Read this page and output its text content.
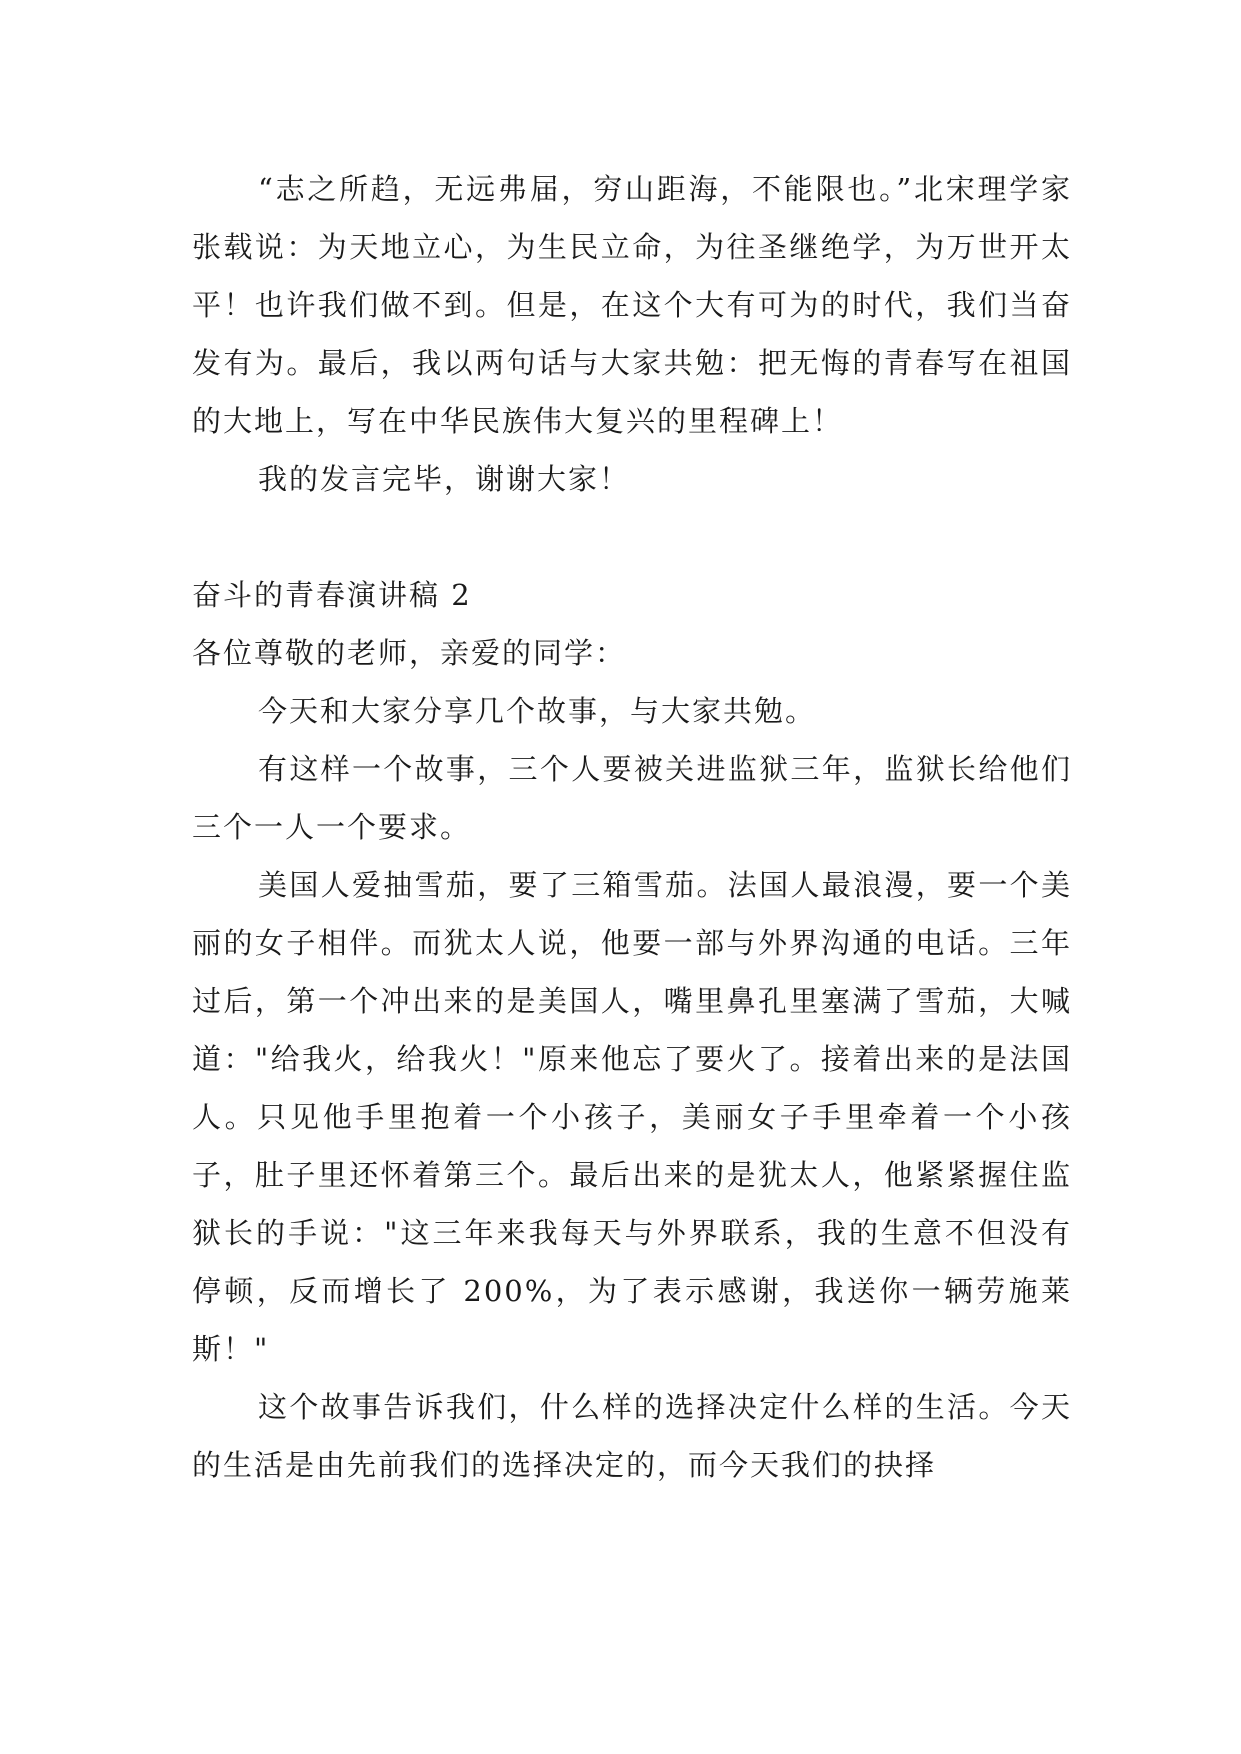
“志之所趋，无远弗届，穷山距海，不能限也。”北宋理学家张载说：为天地立心，为生民立命，为往圣继绝学，为万世开太平！也许我们做不到。但是，在这个大有可为的时代，我们当奋发有为。最后，我以两句话与大家共勉：把无悔的青春写在祖国的大地上，写在中华民族伟大复兴的里程碑上！

我的发言完毕，谢谢大家！

奋斗的青春演讲稿 2

各位尊敬的老师，亲爱的同学：

今天和大家分享几个故事，与大家共勉。

有这样一个故事，三个人要被关进监狱三年，监狱长给他们三个一人一个要求。

美国人爱抽雪茄，要了三箱雪茄。法国人最浪漫，要一个美丽的女子相伴。而犹太人说，他要一部与外界沟通的电话。三年过后，第一个冲出来的是美国人，嘴里鼻孔里塞满了雪茄，大喊道："给我火，给我火！"原来他忘了要火了。接着出来的是法国人。只见他手里抱着一个小孩子，美丽女子手里牵着一个小孩子，肚子里还怀着第三个。最后出来的是犹太人，他紧紧握住监狱长的手说："这三年来我每天与外界联系，我的生意不但没有停顿，反而增长了 200%，为了表示感谢，我送你一辆劳施莱斯！"

这个故事告诉我们，什么样的选择决定什么样的生活。今天的生活是由先前我们的选择决定的，而今天我们的抉择
